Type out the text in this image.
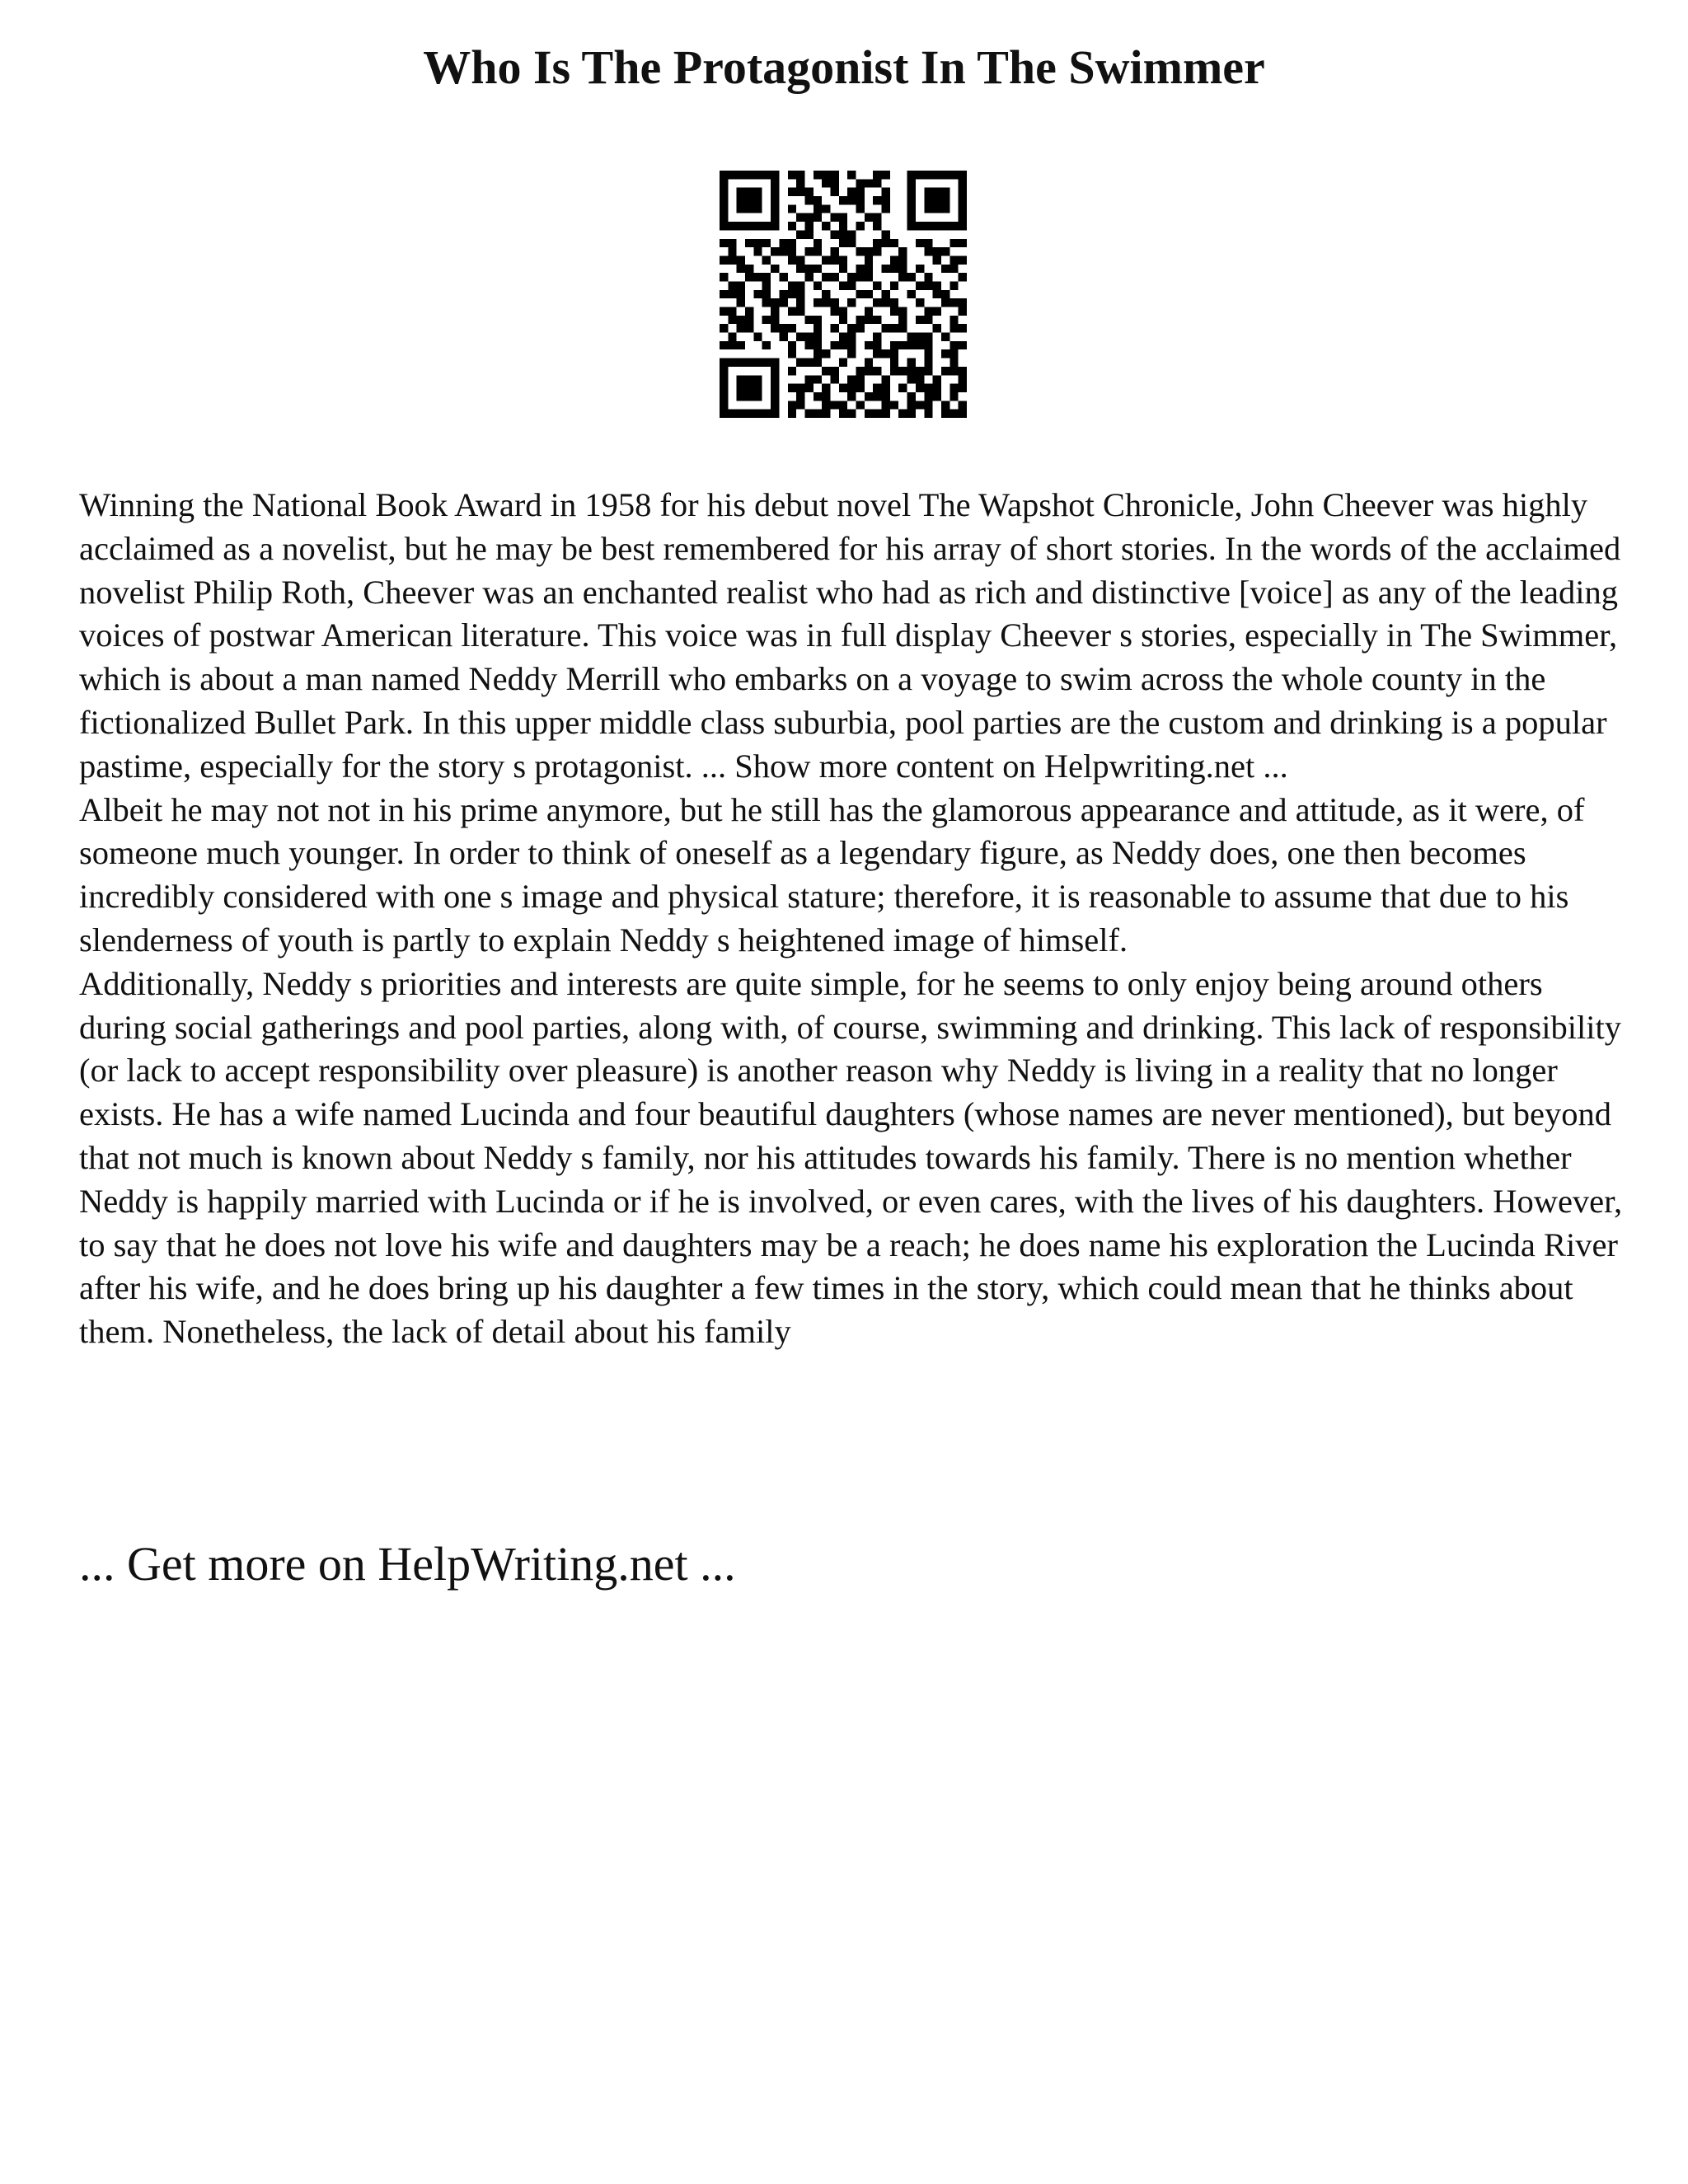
Who Is The Protagonist In The Swimmer

Winning the National Book Award in 1958 for his debut novel The Wapshot Chronicle, John Cheever was highly acclaimed as a novelist, but he may be best remembered for his array of short stories. In the words of the acclaimed novelist Philip Roth, Cheever was an enchanted realist who had as rich and distinctive [voice] as any of the leading voices of postwar American literature. This voice was in full display Cheever s stories, especially in The Swimmer, which is about a man named Neddy Merrill who embarks on a voyage to swim across the whole county in the fictionalized Bullet Park. In this upper middle class suburbia, pool parties are the custom and drinking is a popular pastime, especially for the story s protagonist. ... Show more content on Helpwriting.net ...

Albeit he may not not in his prime anymore, but he still has the glamorous appearance and attitude, as it were, of someone much younger. In order to think of oneself as a legendary figure, as Neddy does, one then becomes incredibly considered with one s image and physical stature; therefore, it is reasonable to assume that due to his slenderness of youth is partly to explain Neddy s heightened image of himself.

Additionally, Neddy s priorities and interests are quite simple, for he seems to only enjoy being around others during social gatherings and pool parties, along with, of course, swimming and drinking. This lack of responsibility (or lack to accept responsibility over pleasure) is another reason why Neddy is living in a reality that no longer exists. He has a wife named Lucinda and four beautiful daughters (whose names are never mentioned), but beyond that not much is known about Neddy s family, nor his attitudes towards his family. There is no mention whether Neddy is happily married with Lucinda or if he is involved, or even cares, with the lives of his daughters. However, to say that he does not love his wife and daughters may be a reach; he does name his exploration the Lucinda River after his wife, and he does bring up his daughter a few times in the story, which could mean that he thinks about them. Nonetheless, the lack of detail about his family

... Get more on HelpWriting.net ...
